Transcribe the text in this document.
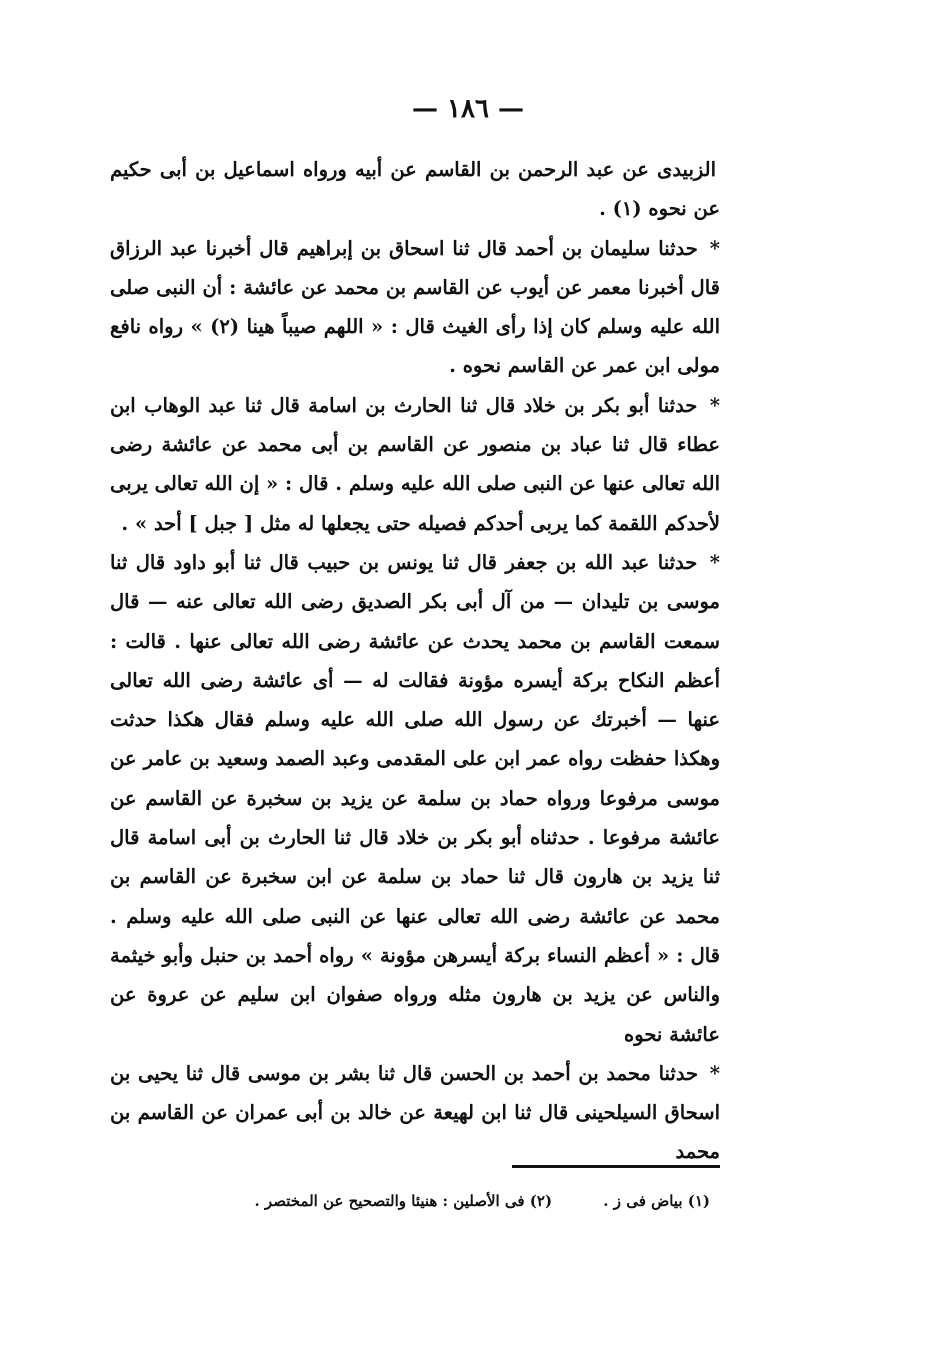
— ١٨٦ —

الزبيدى عن عبد الرحمن بن القاسم عن أبيه ورواه اسماعيل بن أبى حكيم عن نحوه (١) .

* حدثنا سليمان بن أحمد قال ثنا اسحاق بن إبراهيم قال أخبرنا عبد الرزاق قال أخبرنا معمر عن أيوب عن القاسم بن محمد عن عائشة : أن النبى صلى الله عليه وسلم كان إذا رأى الغيث قال : « اللهم صيباً هينا (٢) » رواه نافع مولى ابن عمر عن القاسم نحوه .

* حدثنا أبو بكر بن خلاد قال ثنا الحارث بن اسامة قال ثنا عبد الوهاب ابن عطاء قال ثنا عباد بن منصور عن القاسم بن أبى محمد عن عائشة رضى الله تعالى عنها عن النبى صلى الله عليه وسلم . قال : « إن الله تعالى يربى لأحدكم اللقمة كما يربى أحدكم فصيله حتى يجعلها له مثل [ جبل ] أحد » .

* حدثنا عبد الله بن جعفر قال ثنا يونس بن حبيب قال ثنا أبو داود قال ثنا موسى بن تليدان — من آل أبى بكر الصديق رضى الله تعالى عنه — قال سمعت القاسم بن محمد يحدث عن عائشة رضى الله تعالى عنها . قالت : أعظم النكاح بركة أيسره مؤونة فقالت له — أى عائشة رضى الله تعالى عنها — أخبرتك عن رسول الله صلى الله عليه وسلم فقال هكذا حدثت وهكذا حفظت رواه عمر ابن على المقدمى وعبد الصمد وسعيد بن عامر عن موسى مرفوعا ورواه حماد بن سلمة عن يزيد بن سخبرة عن القاسم عن عائشة مرفوعا . حدثناه أبو بكر بن خلاد قال ثنا الحارث بن أبى اسامة قال ثنا يزيد بن هارون قال ثنا حماد بن سلمة عن ابن سخبرة عن القاسم بن محمد عن عائشة رضى الله تعالى عنها عن النبى صلى الله عليه وسلم . قال : « أعظم النساء بركة أيسرهن مؤونة » رواه أحمد بن حنبل وأبو خيثمة والناس عن يزيد بن هارون مثله ورواه صفوان ابن سليم عن عروة عن عائشة نحوه

* حدثنا محمد بن أحمد بن الحسن قال ثنا بشر بن موسى قال ثنا يحيى بن اسحاق السيلحينى قال ثنا ابن لهيعة عن خالد بن أبى عمران عن القاسم بن محمد

(١) بياض فى ز . (٢) فى الأصلين : هنيئا والتصحيح عن المختصر .
